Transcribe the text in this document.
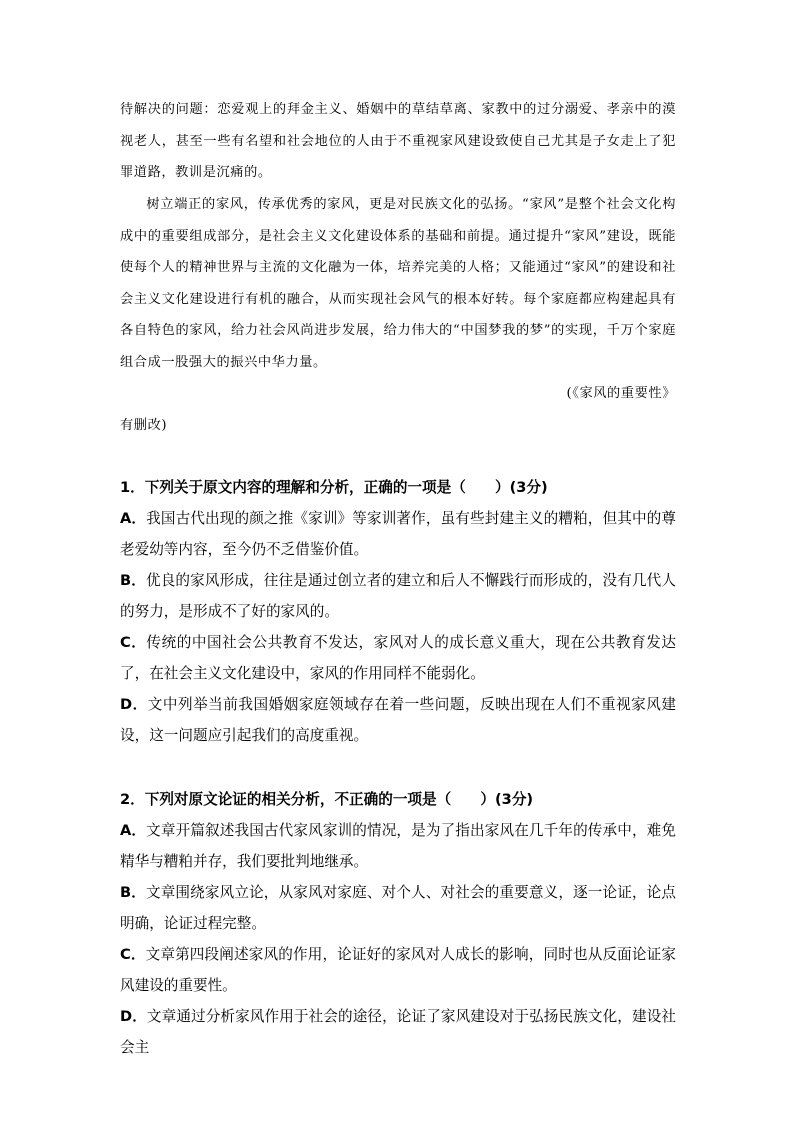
待解决的问题：恋爱观上的拜金主义、婚姻中的草结草离、家教中的过分溺爱、孝亲中的漠视老人，甚至一些有名望和社会地位的人由于不重视家风建设致使自己尤其是子女走上了犯罪道路，教训是沉痛的。

树立端正的家风，传承优秀的家风，更是对民族文化的弘扬。“家风”是整个社会文化构成中的重要组成部分，是社会主义文化建设体系的基础和前提。通过提升“家风”建设，既能使每个人的精神世界与主流的文化融为一体，培养完美的人格；又能通过“家风”的建设和社会主义文化建设进行有机的融合，从而实现社会风气的根本好转。每个家庭都应构建起具有各自特色的家风，给力社会风尚进步发展，给力伟大的“中国梦我的梦”的实现，千万个家庭组合成一股强大的振兴中华力量。

(《家风的重要性》
有删改)

1．下列关于原文内容的理解和分析，正确的一项是（　　）(3分)

A．我国古代出现的颜之推《家训》等家训著作，虽有些封建主义的糟粕，但其中的尊老爱幼等内容，至今仍不乏借鉴价值。

B．优良的家风形成，往往是通过创立者的建立和后人不懈践行而形成的，没有几代人的努力，是形成不了好的家风的。

C．传统的中国社会公共教育不发达，家风对人的成长意义重大，现在公共教育发达了，在社会主义文化建设中，家风的作用同样不能弱化。

D．文中列举当前我国婚姻家庭领域存在着一些问题，反映出现在人们不重视家风建设，这一问题应引起我们的高度重视。

2．下列对原文论证的相关分析，不正确的一项是（　　）(3分)

A．文章开篇叙述我国古代家风家训的情况，是为了指出家风在几千年的传承中，难免精华与糟粕并存，我们要批判地继承。

B．文章围绕家风立论，从家风对家庭、对个人、对社会的重要意义，逐一论证，论点明确，论证过程完整。

C．文章第四段阐述家风的作用，论证好的家风对人成长的影响，同时也从反面论证家风建设的重要性。

D．文章通过分析家风作用于社会的途径，论证了家风建设对于弘扬民族文化，建设社会主
